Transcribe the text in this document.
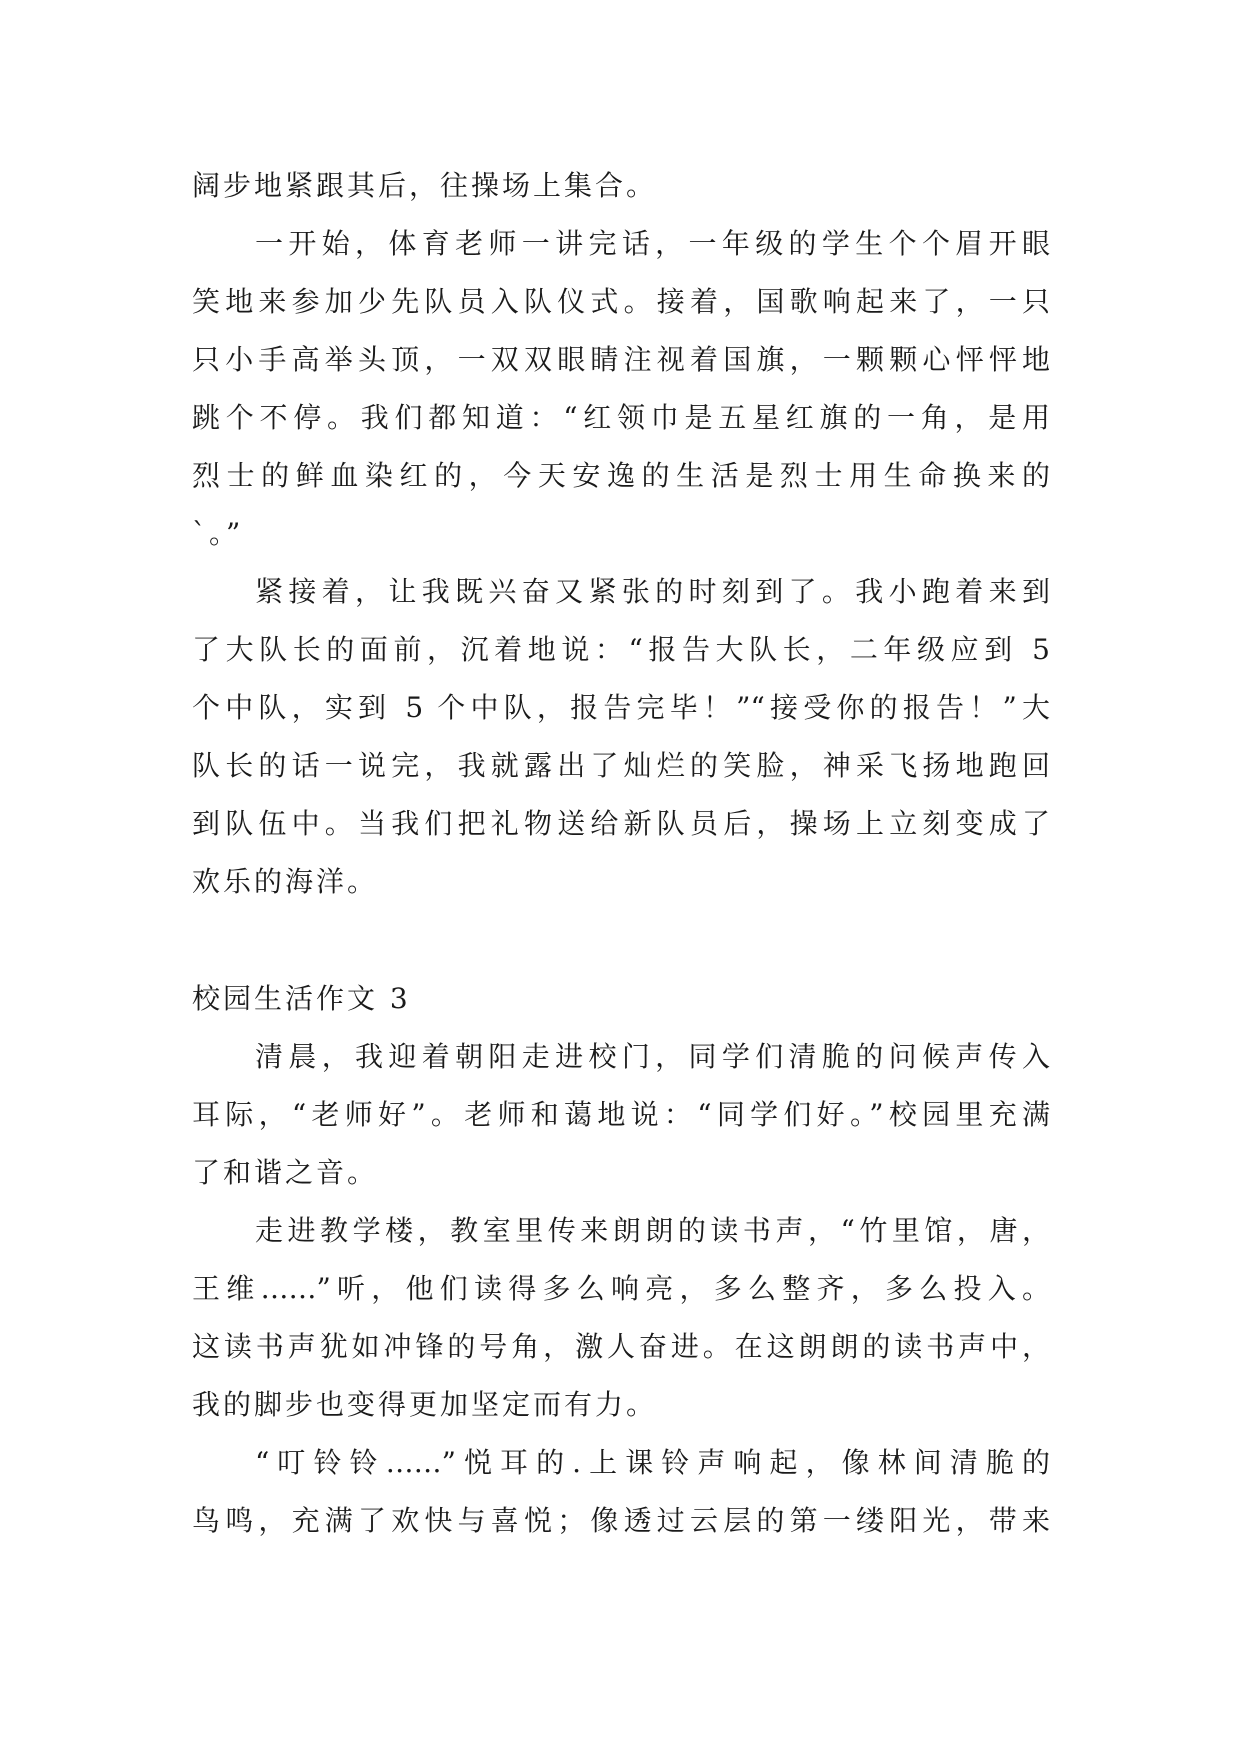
阔步地紧跟其后，往操场上集合。
一开始，体育老师一讲完话，一年级的学生个个眉开眼
笑地来参加少先队员入队仪式。接着，国歌响起来了，一只
只小手高举头顶，一双双眼睛注视着国旗，一颗颗心怦怦地
跳个不停。我们都知道：“红领巾是五星红旗的一角，是用
烈士的鲜血染红的，今天安逸的生活是烈士用生命换来的
`。”
紧接着，让我既兴奋又紧张的时刻到了。我小跑着来到
了大队长的面前，沉着地说：“报告大队长，二年级应到 5
个中队，实到 5 个中队，报告完毕！”“接受你的报告！”大
队长的话一说完，我就露出了灿烂的笑脸，神采飞扬地跑回
到队伍中。当我们把礼物送给新队员后，操场上立刻变成了
欢乐的海洋。
校园生活作文 3
清晨，我迎着朝阳走进校门，同学们清脆的问候声传入
耳际，“老师好”。老师和蔼地说：“同学们好。”校园里充满
了和谐之音。
走进教学楼，教室里传来朗朗的读书声，“竹里馆，唐，
王维……”听，他们读得多么响亮，多么整齐，多么投入。
这读书声犹如冲锋的号角，激人奋进。在这朗朗的读书声中，
我的脚步也变得更加坚定而有力。
“叮铃铃……”悦耳的.上课铃声响起，像林间清脆的
鸟鸣，充满了欢快与喜悦；像透过云层的第一缕阳光，带来
